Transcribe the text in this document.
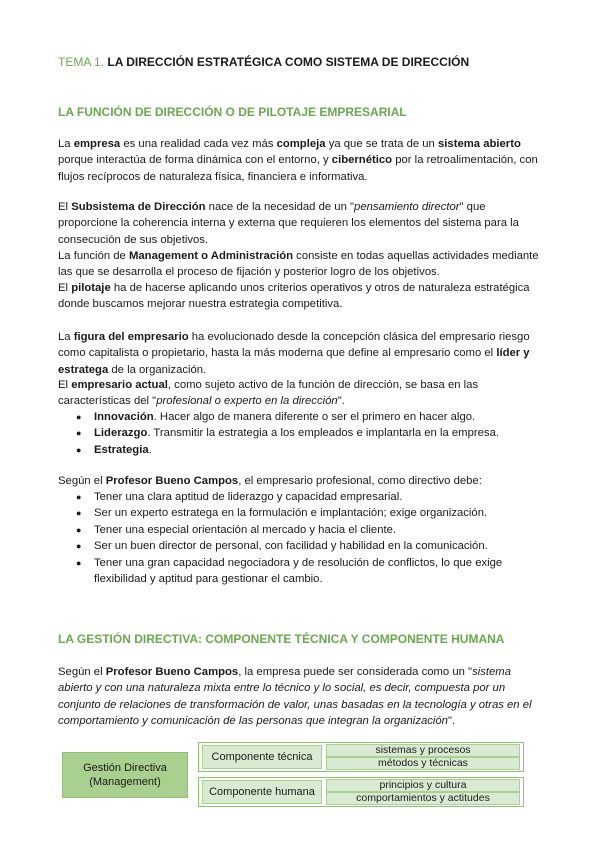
TEMA 1. LA DIRECCIÓN ESTRATÉGICA COMO SISTEMA DE DIRECCIÓN
LA FUNCIÓN DE DIRECCIÓN O DE PILOTAJE EMPRESARIAL

La empresa es una realidad cada vez más compleja ya que se trata de un sistema abierto porque interactúa de forma dinámica con el entorno, y cibernético por la retroalimentación, con flujos recíprocos de naturaleza física, financiera e informativa.

El Subsistema de Dirección nace de la necesidad de un "pensamiento director" que proporcione la coherencia interna y externa que requieren los elementos del sistema para la consecución de sus objetivos.

La función de Management o Administración consiste en todas aquellas actividades mediante las que se desarrolla el proceso de fijación y posterior logro de los objetivos.

El pilotaje ha de hacerse aplicando unos criterios operativos y otros de naturaleza estratégica donde buscamos mejorar nuestra estrategia competitiva.

La figura del empresario ha evolucionado desde la concepción clásica del empresario riesgo como capitalista o propietario, hasta la más moderna que define al empresario como el líder y estratega de la organización.

El empresario actual, como sujeto activo de la función de dirección, se basa en las características del "profesional o experto en la dirección".

● Innovación. Hacer algo de manera diferente o ser el primero en hacer algo.
● Liderazgo. Transmitir la estrategia a los empleados e implantarla en la empresa.
● Estrategia.

Según el Profesor Bueno Campos, el empresario profesional, como directivo debe:

● Tener una clara aptitud de liderazgo y capacidad empresarial.
● Ser un experto estratega en la formulación e implantación; exige organización.
● Tener una especial orientación al mercado y hacia el cliente.
● Ser un buen director de personal, con facilidad y habilidad en la comunicación.
● Tener una gran capacidad negociadora y de resolución de conflictos, lo que exige flexibilidad y aptitud para gestionar el cambio.
LA GESTIÓN DIRECTIVA: COMPONENTE TÉCNICA Y COMPONENTE HUMANA

Según el Profesor Bueno Campos, la empresa puede ser considerada como un "sistema abierto y con una naturaleza mixta entre lo técnico y lo social, es decir, compuesta por un conjunto de relaciones de transformación de valor, unas basadas en la tecnología y otras en el comportamiento y comunicación de las personas que integran la organización".

Gestión Directiva (Management)
Componente técnica
sistemas y procesos
métodos y técnicas
Componente humana
principios y cultura
comportamientos y actitudes
